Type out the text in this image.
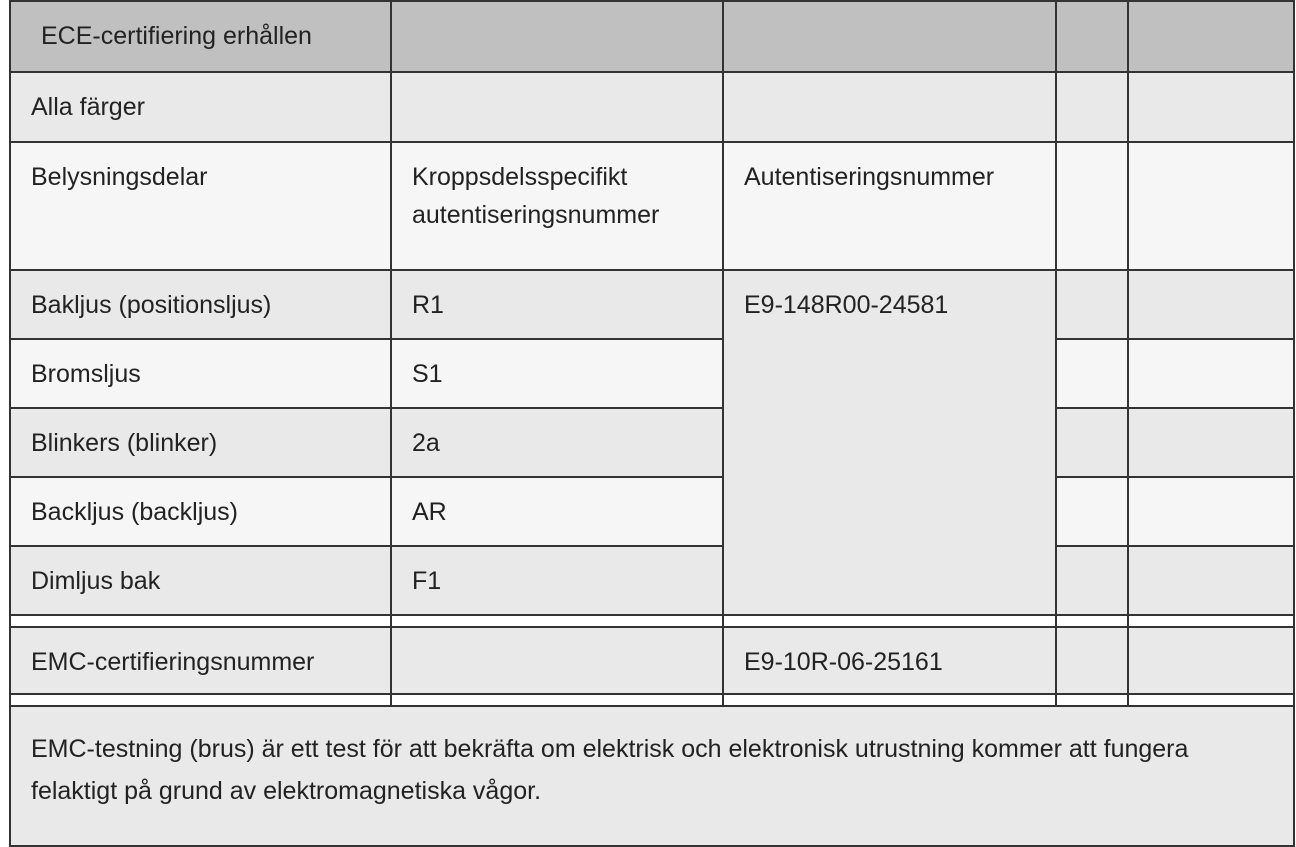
ECE-certifiering erhållen				
Alla färger				
Belysningsdelar	Kroppsdelsspecifikt autentiseringsnummer	Autentiseringsnummer		
Bakljus (positionsljus)	R1	E9-148R00-24581		
Bromsljus	S1			
Blinkers (blinker)	2a			
Backljus (backljus)	AR			
Dimljus bak	F1			

EMC-certifieringsnummer		E9-10R-06-25161		

EMC-testning (brus) är ett test för att bekräfta om elektrisk och elektronisk utrustning kommer att fungera felaktigt på grund av elektromagnetiska vågor.				
